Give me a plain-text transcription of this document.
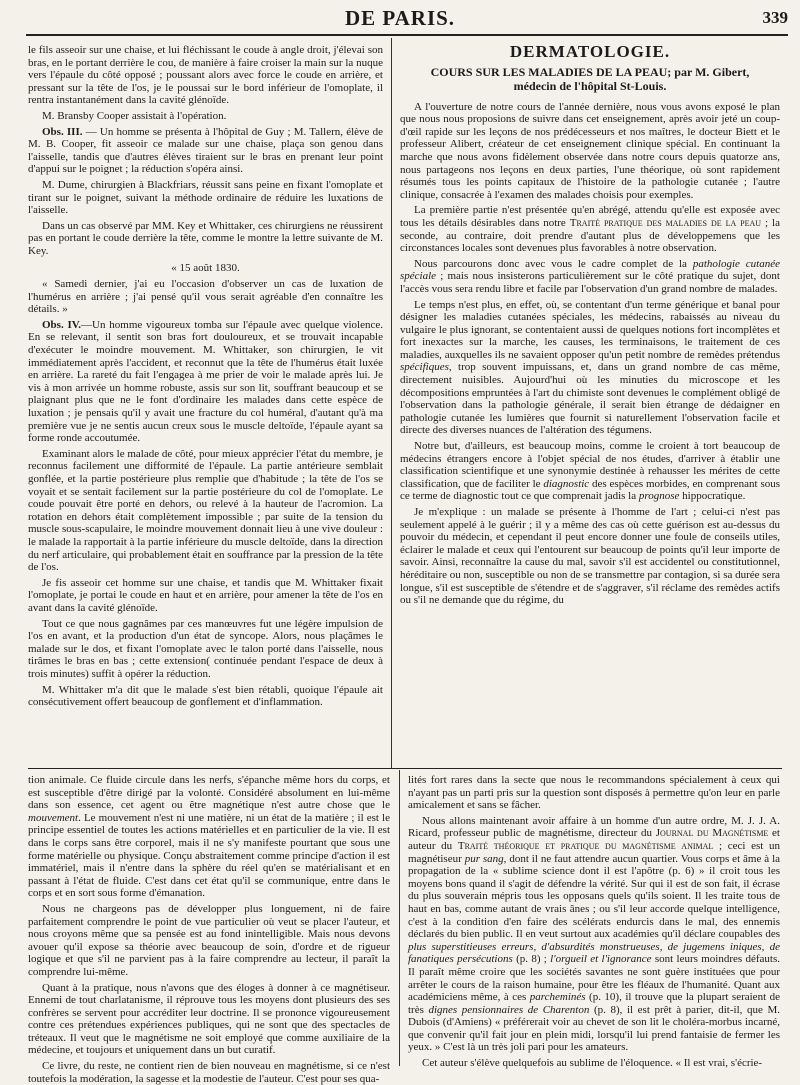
DE PARIS.	339

le fils asseoir sur une chaise, et lui fléchissant le coude à angle droit, j'élevai son bras, en le portant derrière le cou, de manière à faire croiser la main sur la nuque vers l'épaule du côté opposé ; poussant alors avec force le coude en arrière, et pressant sur la tête de l'os, je le poussai sur le bord inférieur de l'omoplate, il rentra instantanément dans la cavité glénoïde.

M. Bransby Cooper assistait à l'opération.

Obs. III. — Un homme se présenta à l'hôpital de Guy ; M. Tallern, élève de M. B. Cooper, fit asseoir ce malade sur une chaise, plaça son genou dans l'aisselle, tandis que d'autres élèves tiraient sur le bras en prenant leur point d'appui sur le poignet ; la réduction s'opéra ainsi.

M. Dume, chirurgien à Blackfriars, réussit sans peine en fixant l'omoplate et tirant sur le poignet, suivant la méthode ordinaire de réduire les luxations de l'aisselle.

Dans un cas observé par MM. Key et Whittaker, ces chirurgiens ne réussirent pas en portant le coude derrière la tête, comme le montre la lettre suivante de M. Key.

« 15 août 1830.

« Samedi dernier, j'ai eu l'occasion d'observer un cas de luxation de l'humérus en arrière ; j'ai pensé qu'il vous serait agréable d'en connaître les détails. »

Obs. IV.—Un homme vigoureux tomba sur l'épaule avec quelque violence. En se relevant, il sentit son bras fort douloureux, et se trouvait incapable d'exécuter le moindre mouvement. M. Whittaker, son chirurgien, le vit immédiatement après l'accident, et reconnut que la tête de l'humérus était luxée en arrière. La rareté du fait l'engagea à me prier de voir le malade après lui. Je vis à mon arrivée un homme robuste, assis sur son lit, souffrant beaucoup et se plaignant plus que ne le font d'ordinaire les malades dans cette espèce de luxation ; je pensais qu'il y avait une fracture du col huméral, d'autant qu'à ma première vue je ne sentis aucun creux sous le muscle deltoïde, l'épaule ayant sa forme ronde accoutumée.

Examinant alors le malade de côté, pour mieux apprécier l'état du membre, je reconnus facilement une difformité de l'épaule. La partie antérieure semblait gonflée, et la partie postérieure plus remplie que d'habitude ; la tête de l'os se voyait et se sentait facilement sur la partie postérieure du col de l'omoplate. Le coude pouvait être porté en dehors, ou relevé à la hauteur de l'acromion. La rotation en dehors était complètement impossible ; par suite de la tension du muscle sous-scapulaire, le moindre mouvement donnait lieu à une vive douleur : le malade la rapportait à la partie inférieure du muscle deltoïde, dans la direction du nerf articulaire, qui probablement était en souffrance par la pression de la tête de l'os.

Je fis asseoir cet homme sur une chaise, et tandis que M. Whittaker fixait l'omoplate, je portai le coude en haut et en arrière, pour amener la tête de l'os en avant dans la cavité glénoïde.

Tout ce que nous gagnâmes par ces manœuvres fut une légère impulsion de l'os en avant, et la production d'un état de syncope. Alors, nous plaçâmes le malade sur le dos, et fixant l'omoplate avec le talon porté dans l'aisselle, nous tirâmes le bras en bas ; cette extension( continuée pendant l'espace de deux à trois minutes) suffit à opérer la réduction.

M. Whittaker m'a dit que le malade s'est bien rétabli, quoique l'épaule ait consécutivement offert beaucoup de gonflement et d'inflammation.

DERMATOLOGIE.
COURS SUR LES MALADIES DE LA PEAU; par M. Gibert,
médecin de l'hôpital St-Louis.

A l'ouverture de notre cours de l'année dernière, nous vous avons exposé le plan que nous nous proposions de suivre dans cet enseignement, après avoir jeté un coup-d'œil rapide sur les leçons de nos prédécesseurs et nos maîtres, le docteur Biett et le professeur Alibert, créateur de cet enseignement clinique spécial. En continuant la marche que nous avons fidèlement observée dans notre cours depuis quatorze ans, nous partageons nos leçons en deux parties, l'une théorique, où sont rapidement résumés tous les points capitaux de l'histoire de la pathologie cutanée ; l'autre clinique, consacrée à l'examen des malades choisis pour exemples.

La première partie n'est présentée qu'en abrégé, attendu qu'elle est exposée avec tous les détails désirables dans notre Traité pratique des maladies de la peau ; la seconde, au contraire, doit prendre d'autant plus de développemens que les circonstances locales sont devenues plus favorables à notre observation.

Nous parcourons donc avec vous le cadre complet de la pathologie cutanée spéciale ; mais nous insisterons particulièrement sur le côté pratique du sujet, dont l'accès vous sera rendu libre et facile par l'observation d'un grand nombre de malades.

Le temps n'est plus, en effet, où, se contentant d'un terme générique et banal pour désigner les maladies cutanées spéciales, les médecins, rabaissés au niveau du vulgaire le plus ignorant, se contentaient aussi de quelques notions fort incomplètes et fort inexactes sur la marche, les causes, les terminaisons, le traitement de ces maladies, auxquelles ils ne savaient opposer qu'un petit nombre de remèdes prétendus spécifiques, trop souvent impuissans, et, dans un grand nombre de cas même, directement nuisibles. Aujourd'hui où les minuties du microscope et les décompositions empruntées à l'art du chimiste sont devenues le complément obligé de l'observation dans la pathologie générale, il serait bien étrange de dédaigner en pathologie cutanée les lumières que fournit si naturellement l'observation facile et directe des diverses nuances de l'altération des tégumens.

Notre but, d'ailleurs, est beaucoup moins, comme le croient à tort beaucoup de médecins étrangers encore à l'objet spécial de nos études, d'arriver à établir une classification scientifique et une synonymie destinée à rehausser les mérites de cette classification, que de faciliter le diagnostic des espèces morbides, en comprenant sous ce terme de diagnostic tout ce que comprenait jadis la prognose hippocratique.

Je m'explique : un malade se présente à l'homme de l'art ; celui-ci n'est pas seulement appelé à le guérir ; il y a même des cas où cette guérison est au-dessus du pouvoir du médecin, et cependant il peut encore donner une foule de conseils utiles, éclairer le malade et ceux qui l'entourent sur beaucoup de points qu'il leur importe de savoir. Ainsi, reconnaître la cause du mal, savoir s'il est accidentel ou constitutionnel, héréditaire ou non, susceptible ou non de se transmettre par contagion, si sa durée sera longue, s'il est susceptible de s'étendre et de s'aggraver, s'il réclame des remèdes actifs ou s'il ne demande que du régime, du

tion animale. Ce fluide circule dans les nerfs, s'épanche même hors du corps, et est susceptible d'être dirigé par la volonté. Considéré absolument en lui-même dans son essence, cet agent ou être magnétique n'est autre chose que le mouvement. Le mouvement n'est ni une matière, ni un état de la matière ; il est le principe essentiel de toutes les actions matérielles et en particulier de la vie. Il est dans le corps sans être corporel, mais il ne s'y manifeste pourtant que sous une forme matérielle ou physique. Conçu abstraitement comme principe d'action il est immatériel, mais il n'entre dans la sphère du réel qu'en se matérialisant et en passant à l'état de fluide. C'est dans cet état qu'il se communique, entre dans le corps et en sort sous forme d'émanation.

Nous ne chargeons pas de développer plus longuement, ni de faire parfaitement comprendre le point de vue particulier où veut se placer l'auteur, et nous croyons même que sa pensée est au fond inintelligible. Mais nous devons avouer qu'il expose sa théorie avec beaucoup de soin, d'ordre et de rigueur logique et que s'il ne parvient pas à la faire comprendre au lecteur, il paraît la comprendre lui-même.

Quant à la pratique, nous n'avons que des éloges à donner à ce magnétiseur. Ennemi de tout charlatanisme, il réprouve tous les moyens dont plusieurs des ses confrères se servent pour accréditer leur doctrine. Il se prononce vigoureusement contre ces prétendues expériences publiques, qui ne sont que des spectacles de tréteaux. Il veut que le magnétisme ne soit employé que comme auxiliaire de la médecine, et toujours et uniquement dans un but curatif.

Ce livre, du reste, ne contient rien de bien nouveau en magnétisme, si ce n'est toutefois la modération, la sagesse et la modestie de l'auteur. C'est pour ses qua-

lités fort rares dans la secte que nous le recommandons spécialement à ceux qui n'ayant pas un parti pris sur la question sont disposés à permettre qu'on leur en parle amicalement et sans se fâcher.

Nous allons maintenant avoir affaire à un homme d'un autre ordre, M. J. J. A. Ricard, professeur public de magnétisme, directeur du Journal du Magnétisme et auteur du Traité théorique et pratique du magnétisme animal ; ceci est un magnétiseur pur sang, dont il ne faut attendre aucun quartier. Vous corps et âme à la propagation de la « sublime science dont il est l'apôtre (p. 6) » il croit tous les moyens bons quand il s'agit de défendre la vérité. Sur qui il est de son fait, il écrase du plus souverain mépris tous les opposans quels qu'ils soient. Il les traite tous de haut en bas, comme autant de vrais ânes ; ou s'il leur accorde quelque intelligence, c'est à la condition d'en faire des scélérats endurcis dans le mal, des ennemis déclarés du bien public. Il en veut surtout aux académies qu'il déclare coupables des plus superstitieuses erreurs, d'absurdités monstrueuses, de jugemens iniques, de fanatiques persécutions (p. 8) ; l'orgueil et l'ignorance sont leurs moindres défauts. Il paraît même croire que les sociétés savantes ne sont guère instituées que pour arrêter le cours de la raison humaine, pour être les fléaux de l'humanité. Quant aux académiciens même, à ces parcheminés (p. 10), il trouve que la plupart seraient de très dignes pensionnaires de Charenton (p. 8), il est prêt à parier, dit-il, que M. Dubois (d'Amiens) « préférerait voir au chevet de son lit le choléra-morbus incarné, que convenir qu'il fait jour en plein midi, lorsqu'il lui prend fantaisie de fermer les yeux. » C'est là un très joli pari pour les amateurs.

Cet auteur s'élève quelquefois au sublime de l'éloquence. « Il est vrai, s'écrie-
